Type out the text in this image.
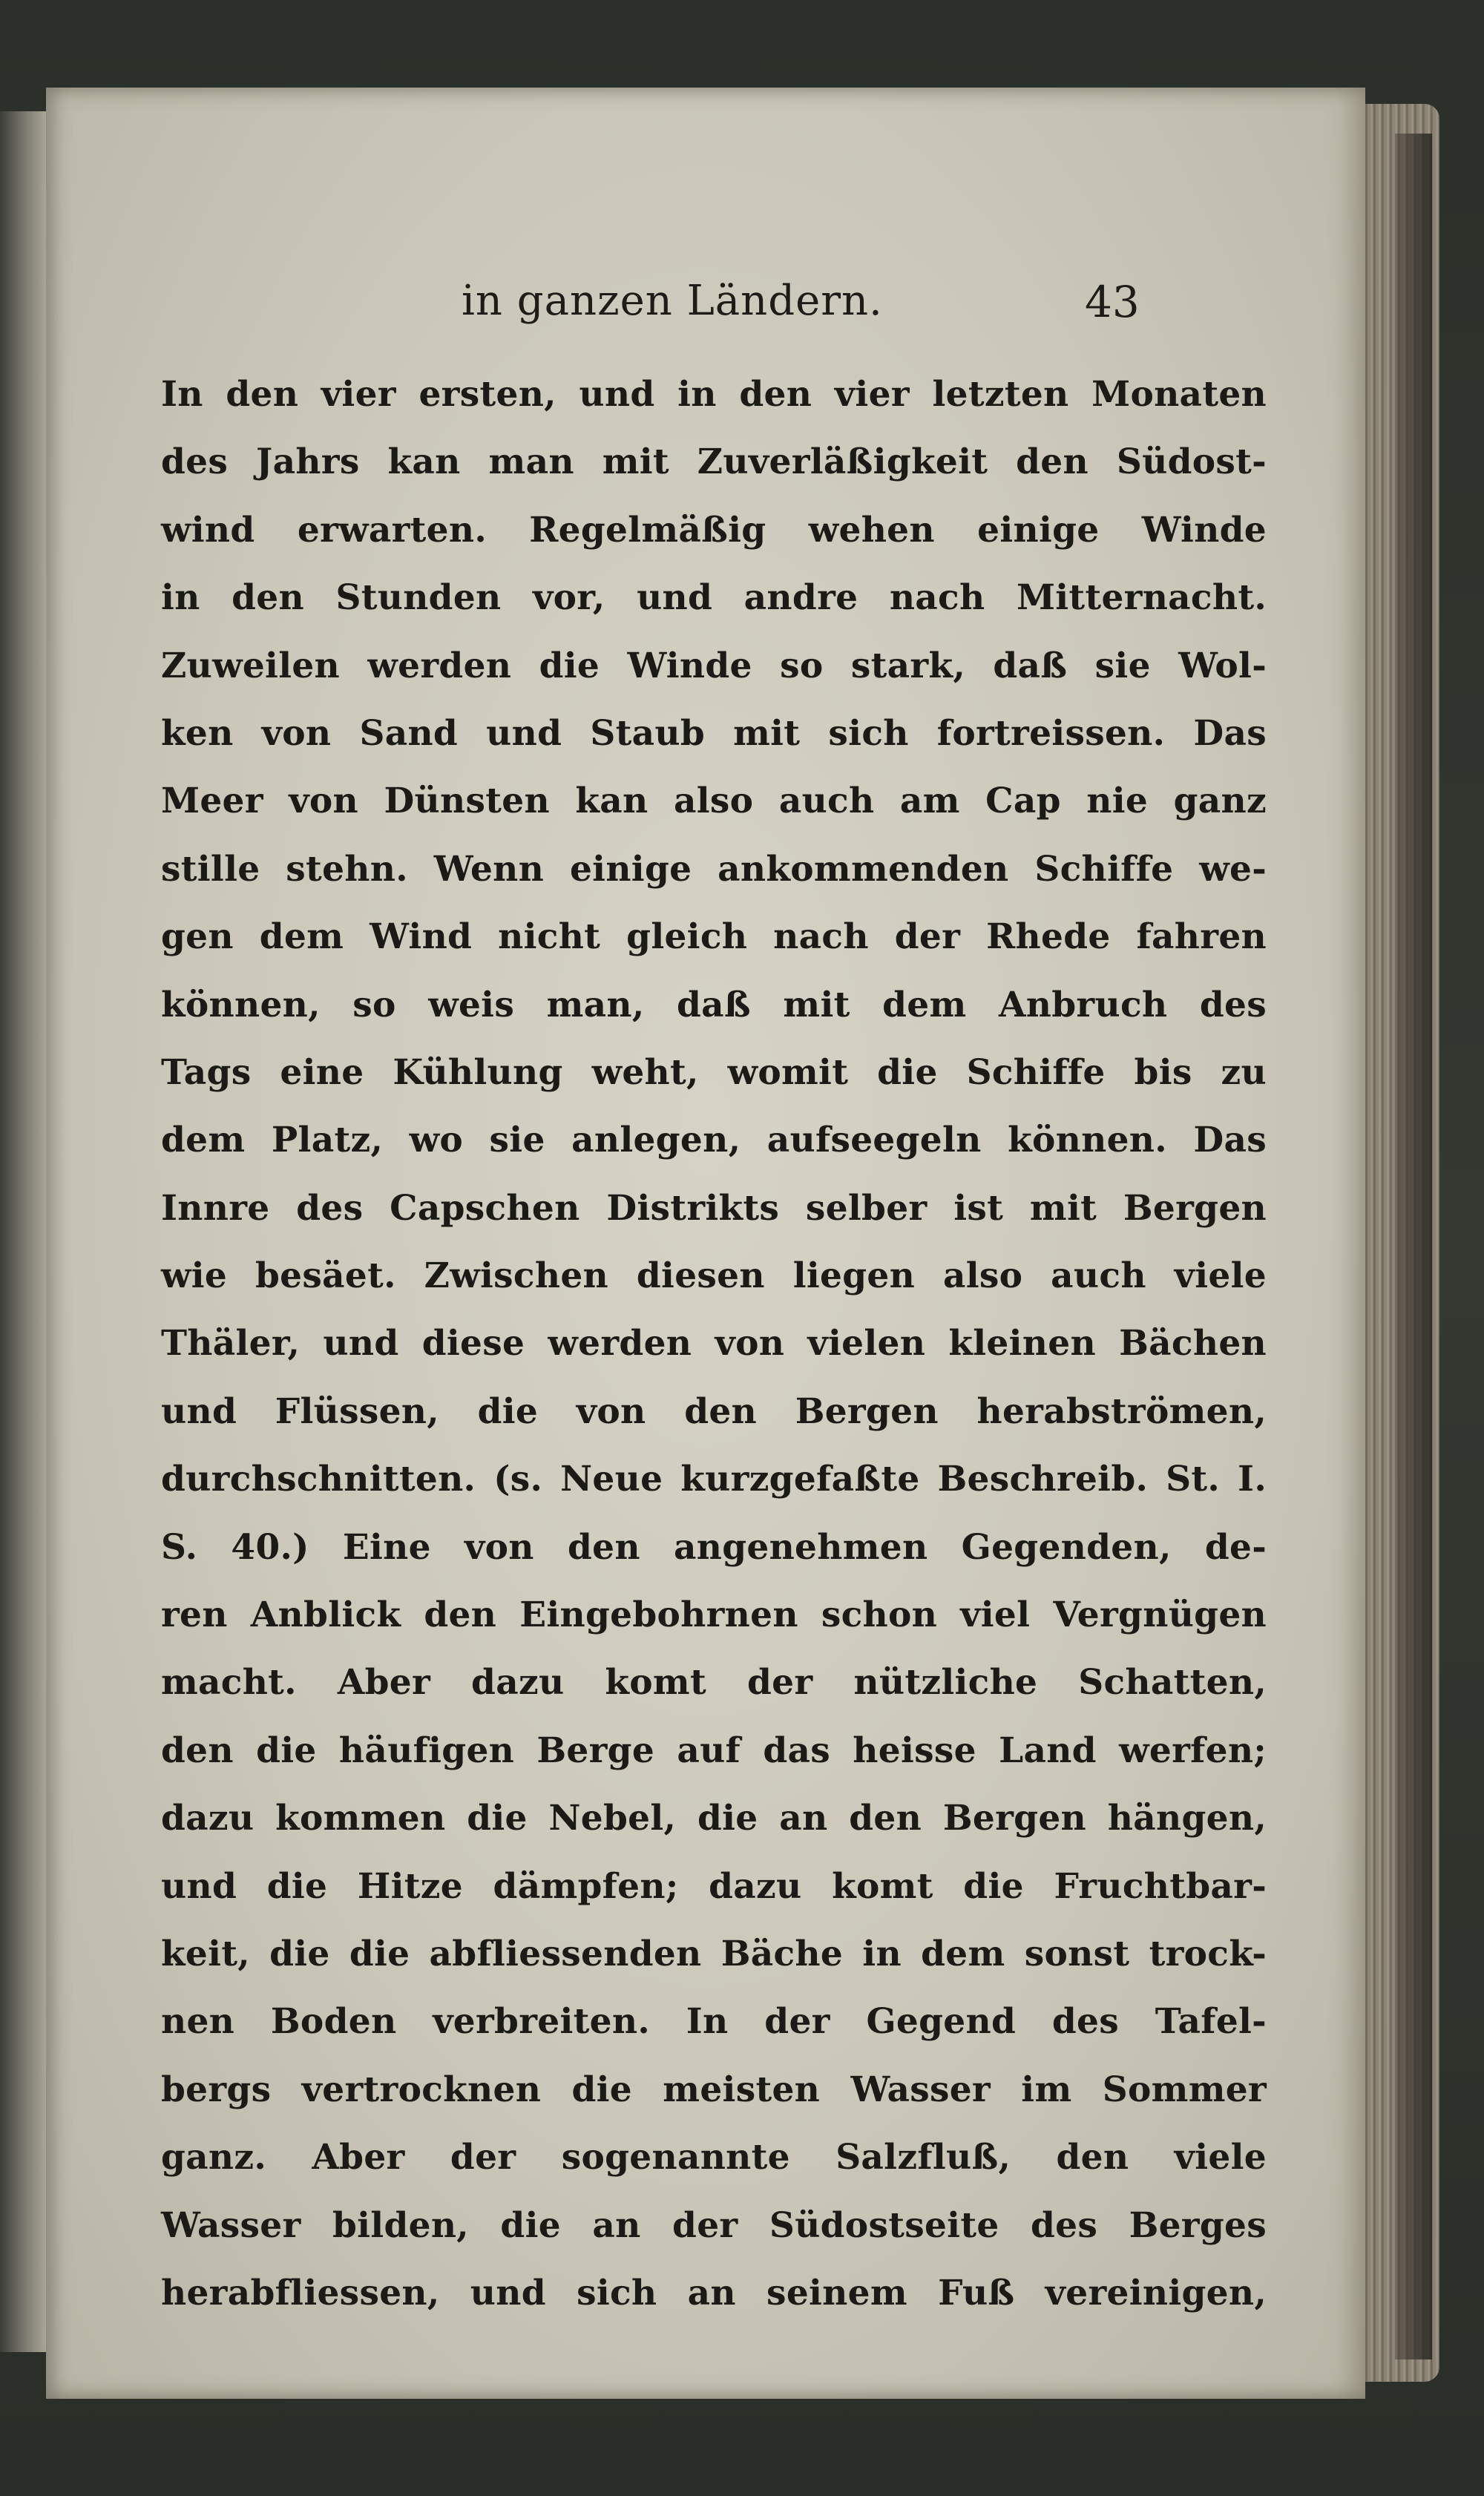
in ganzen Ländern.	43
In den vier ersten, und in den vier letzten Monaten
des Jahrs kan man mit Zuverläßigkeit den Südost-
wind erwarten. Regelmäßig wehen einige Winde
in den Stunden vor, und andre nach Mitternacht.
Zuweilen werden die Winde so stark, daß sie Wol-
ken von Sand und Staub mit sich fortreissen. Das
Meer von Dünsten kan also auch am Cap nie ganz
stille stehn. Wenn einige ankommenden Schiffe we-
gen dem Wind nicht gleich nach der Rhede fahren
können, so weis man, daß mit dem Anbruch des
Tags eine Kühlung weht, womit die Schiffe bis zu
dem Platz, wo sie anlegen, aufseegeln können. Das
Innre des Capschen Distrikts selber ist mit Bergen
wie besäet. Zwischen diesen liegen also auch viele
Thäler, und diese werden von vielen kleinen Bächen
und Flüssen, die von den Bergen herabströmen,
durchschnitten. (s. Neue kurzgefaßte Beschreib. St. I.
S. 40.) Eine von den angenehmen Gegenden, de-
ren Anblick den Eingebohrnen schon viel Vergnügen
macht. Aber dazu komt der nützliche Schatten,
den die häufigen Berge auf das heisse Land werfen;
dazu kommen die Nebel, die an den Bergen hängen,
und die Hitze dämpfen; dazu komt die Fruchtbar-
keit, die die abfliessenden Bäche in dem sonst trock-
nen Boden verbreiten. In der Gegend des Tafel-
bergs vertrocknen die meisten Wasser im Sommer
ganz. Aber der sogenannte Salzfluß, den viele
Wasser bilden, die an der Südostseite des Berges
herabfliessen, und sich an seinem Fuß vereinigen,
